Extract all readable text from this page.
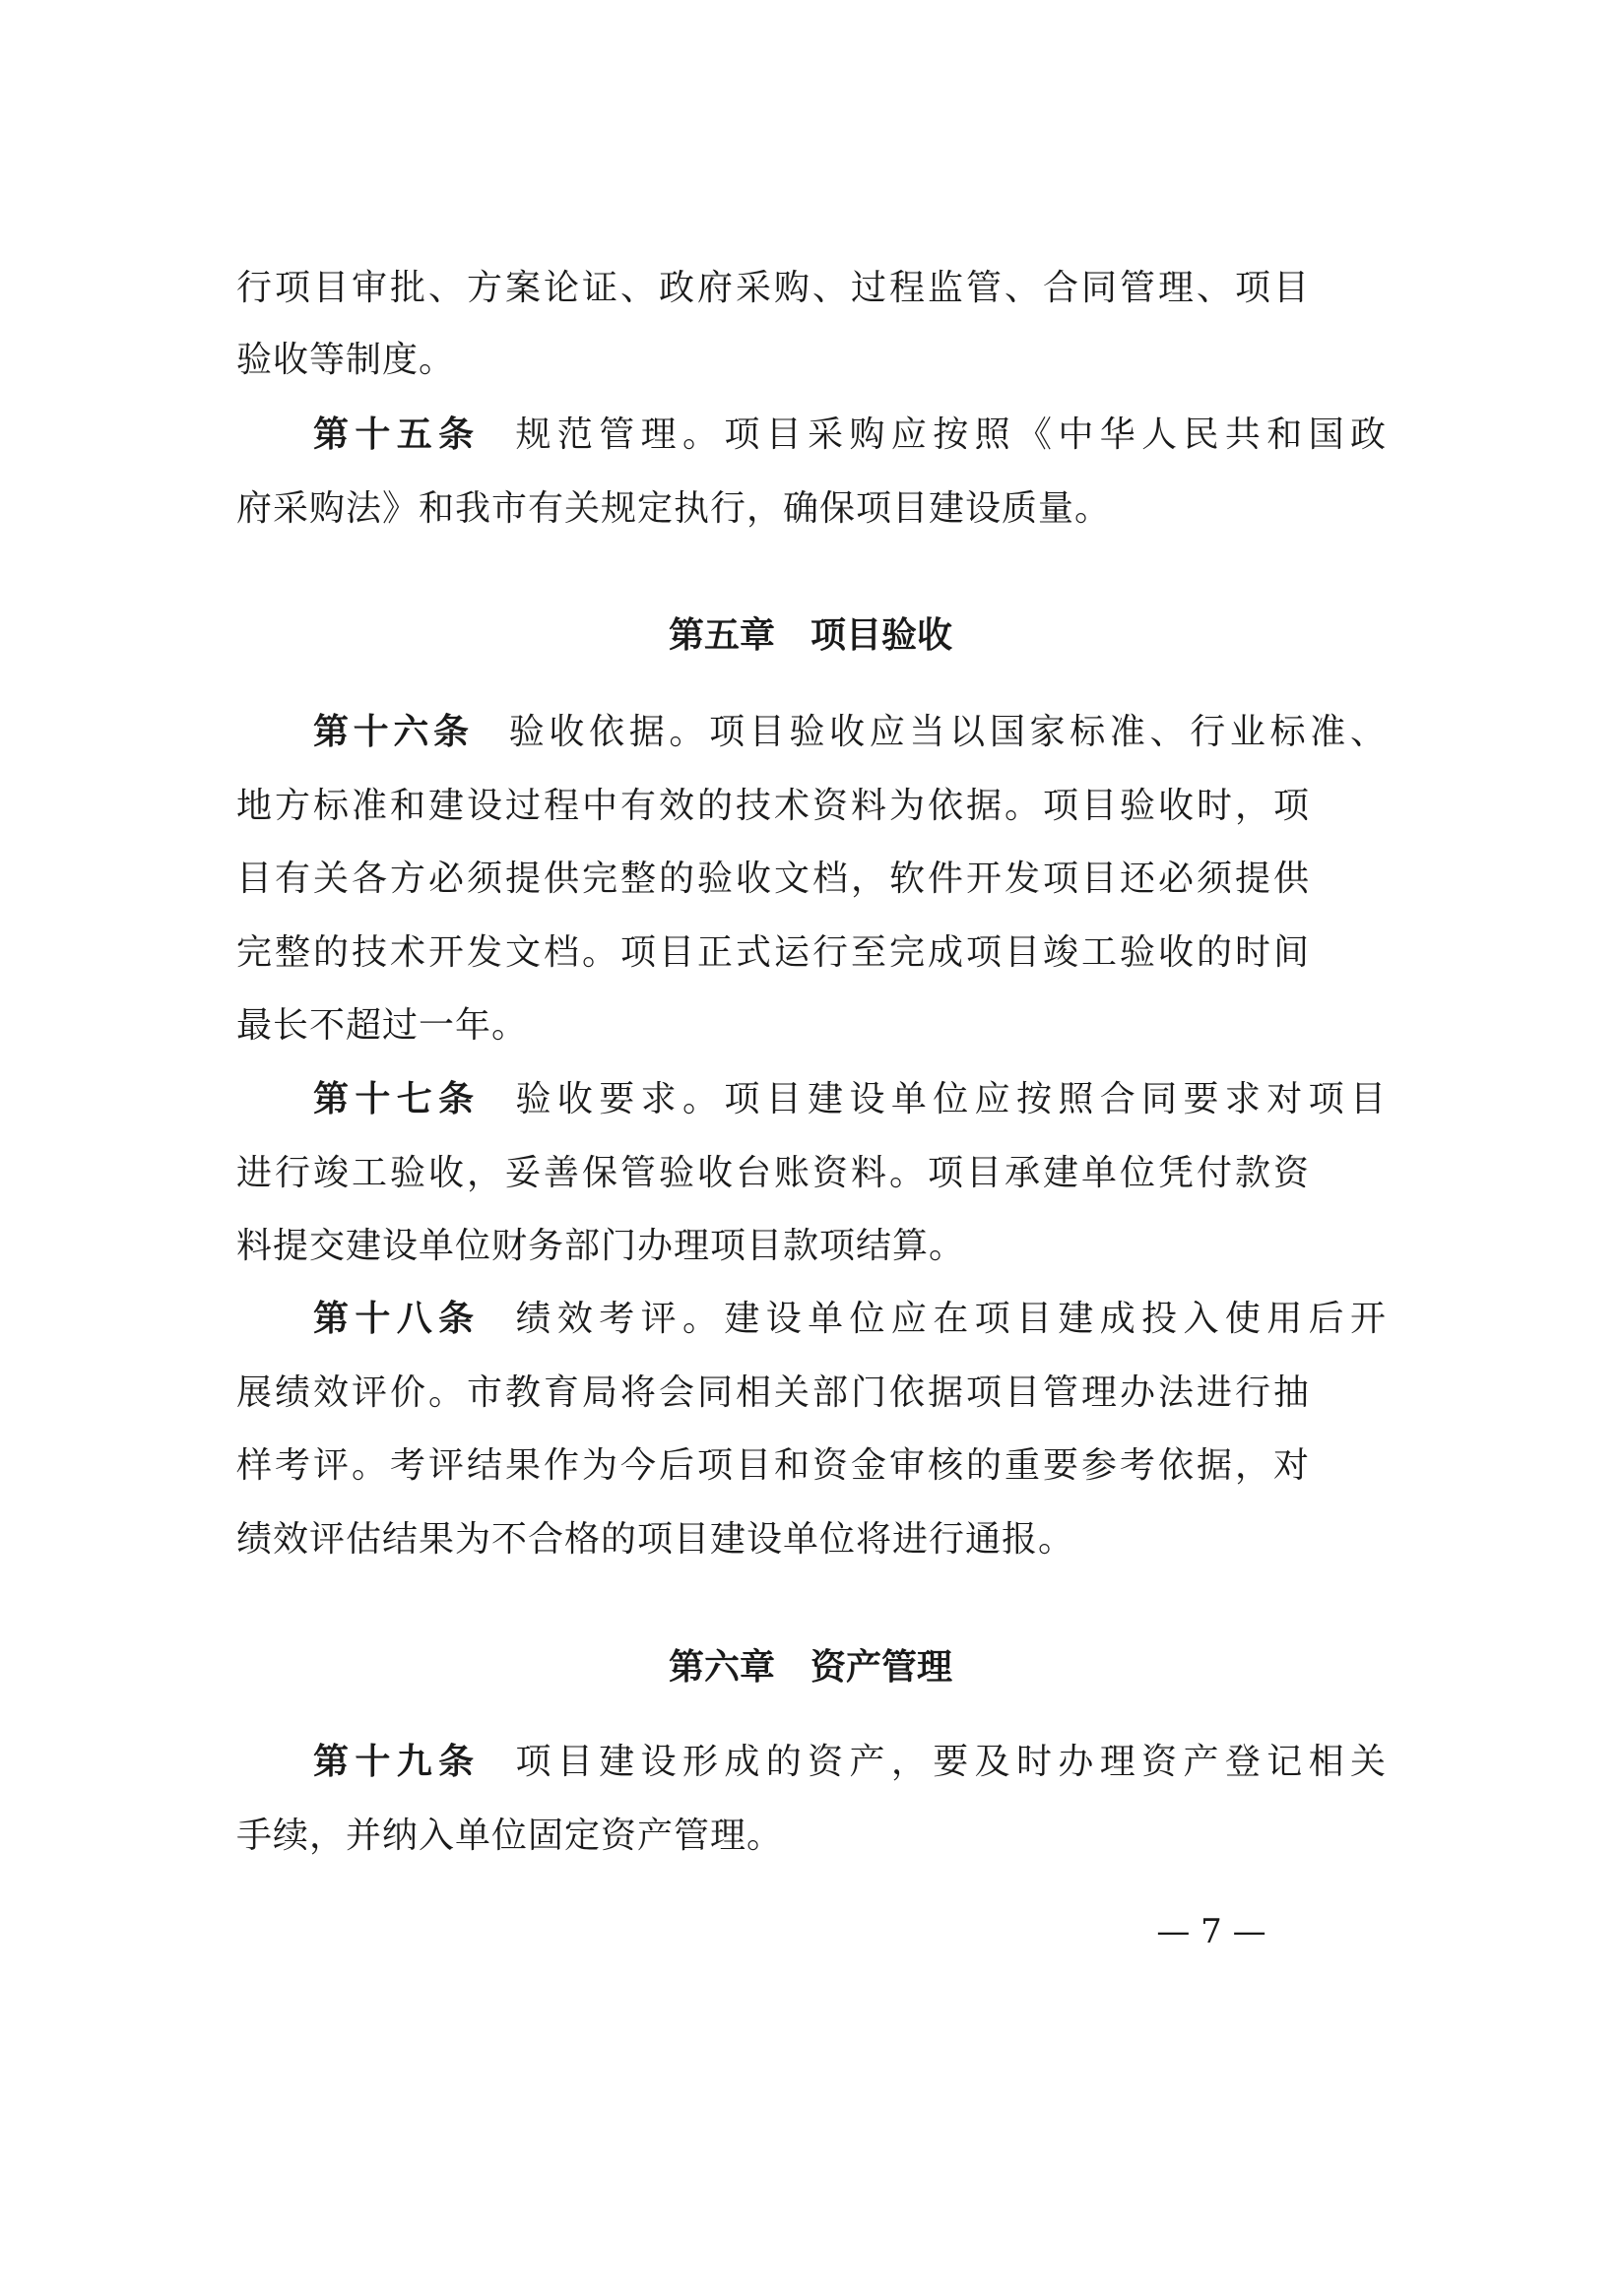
行项目审批、方案论证、政府采购、过程监管、合同管理、项目
验收等制度。
第十五条 规范管理。项目采购应按照《中华人民共和国政
府采购法》和我市有关规定执行，确保项目建设质量。
第五章　项目验收
第十六条 验收依据。项目验收应当以国家标准、行业标准、
地方标准和建设过程中有效的技术资料为依据。项目验收时，项
目有关各方必须提供完整的验收文档，软件开发项目还必须提供
完整的技术开发文档。项目正式运行至完成项目竣工验收的时间
最长不超过一年。
第十七条 验收要求。项目建设单位应按照合同要求对项目
进行竣工验收，妥善保管验收台账资料。项目承建单位凭付款资
料提交建设单位财务部门办理项目款项结算。
第十八条 绩效考评。建设单位应在项目建成投入使用后开
展绩效评价。市教育局将会同相关部门依据项目管理办法进行抽
样考评。考评结果作为今后项目和资金审核的重要参考依据，对
绩效评估结果为不合格的项目建设单位将进行通报。
第六章　资产管理
第十九条 项目建设形成的资产，要及时办理资产登记相关
手续，并纳入单位固定资产管理。
— 7 —
